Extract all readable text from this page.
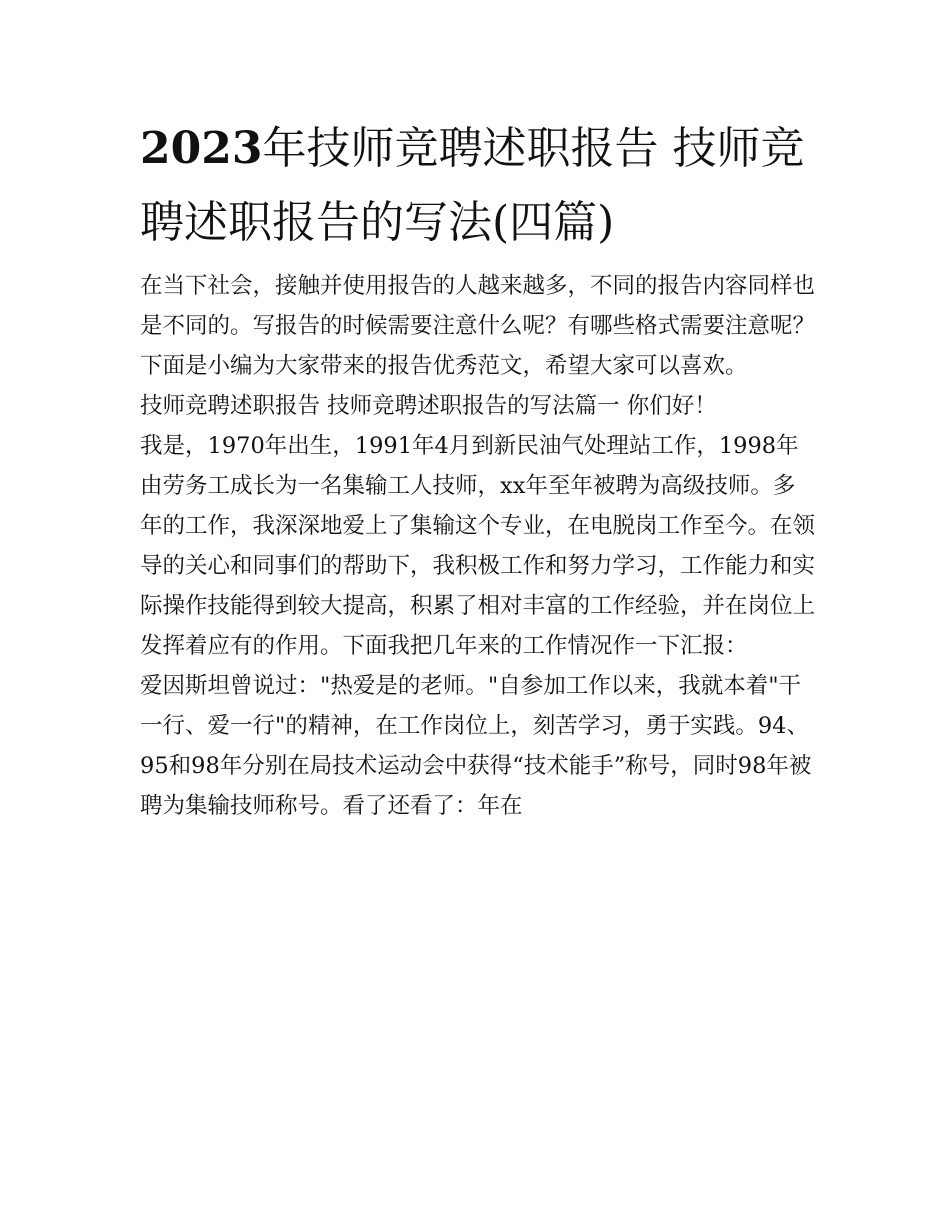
2023年技师竞聘述职报告 技师竞聘述职报告的写法(四篇)

在当下社会，接触并使用报告的人越来越多，不同的报告内容同样也是不同的。写报告的时候需要注意什么呢？有哪些格式需要注意呢？下面是小编为大家带来的报告优秀范文，希望大家可以喜欢。

技师竞聘述职报告 技师竞聘述职报告的写法篇一 你们好！

我是，1970年出生，1991年4月到新民油气处理站工作，1998年由劳务工成长为一名集输工人技师，xx年至年被聘为高级技师。多年的工作，我深深地爱上了集输这个专业，在电脱岗工作至今。在领导的关心和同事们的帮助下，我积极工作和努力学习，工作能力和实际操作技能得到较大提高，积累了相对丰富的工作经验，并在岗位上发挥着应有的作用。下面我把几年来的工作情况作一下汇报：

爱因斯坦曾说过："热爱是的老师。"自参加工作以来，我就本着"干一行、爱一行"的精神，在工作岗位上，刻苦学习，勇于实践。94、95和98年分别在局技术运动会中获得“技术能手”称号，同时98年被聘为集输技师称号。看了还看了：年在
